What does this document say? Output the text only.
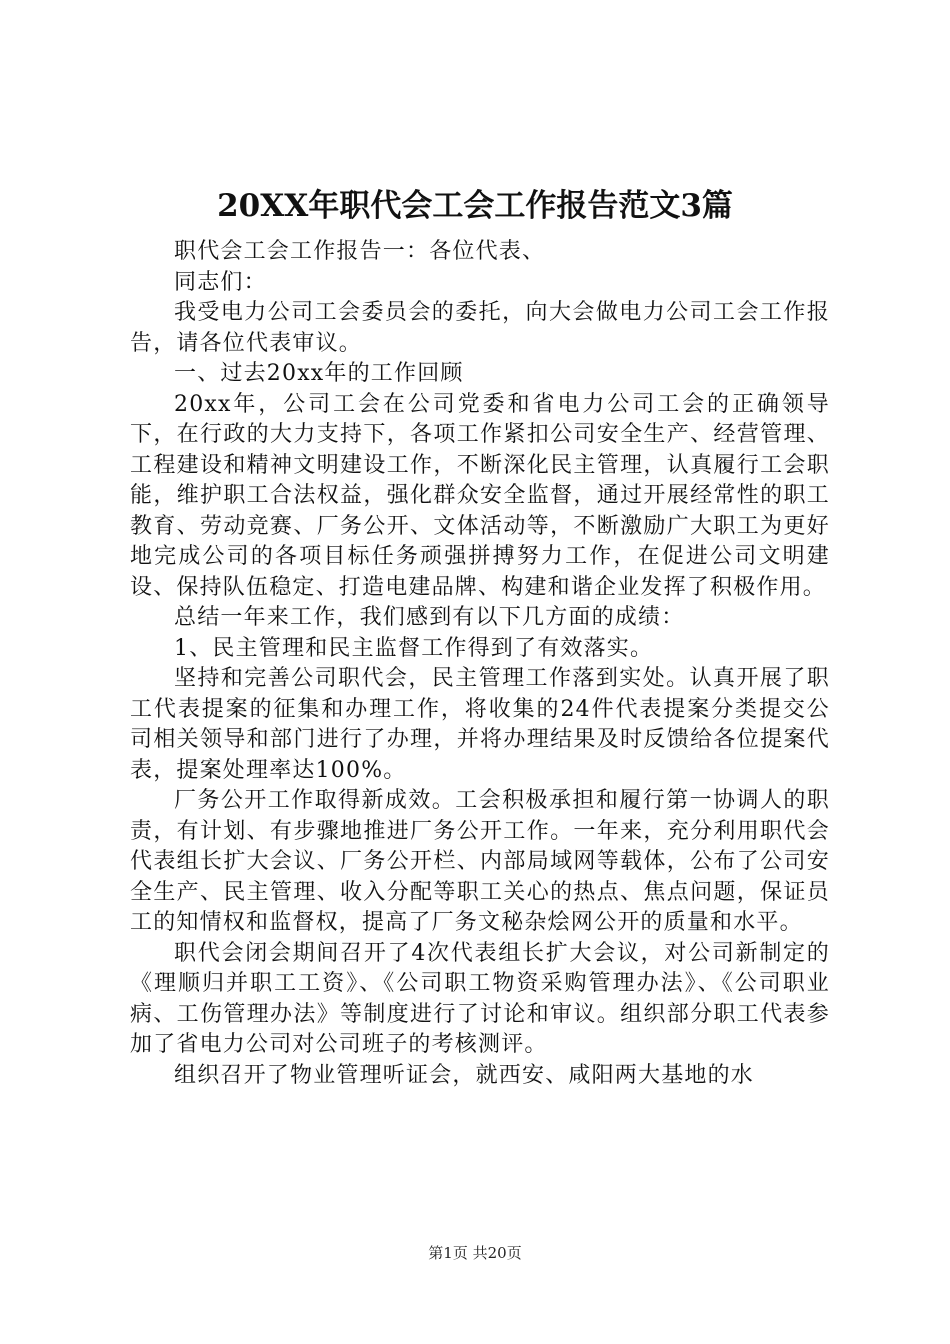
20XX年职代会工会工作报告范文3篇

职代会工会工作报告一：各位代表、

同志们：

我受电力公司工会委员会的委托，向大会做电力公司工会工作报告，请各位代表审议。

一、过去20xx年的工作回顾

20xx年，公司工会在公司党委和省电力公司工会的正确领导下，在行政的大力支持下，各项工作紧扣公司安全生产、经营管理、工程建设和精神文明建设工作，不断深化民主管理，认真履行工会职能，维护职工合法权益，强化群众安全监督，通过开展经常性的职工教育、劳动竞赛、厂务公开、文体活动等，不断激励广大职工为更好地完成公司的各项目标任务顽强拼搏努力工作，在促进公司文明建设、保持队伍稳定、打造电建品牌、构建和谐企业发挥了积极作用。

总结一年来工作，我们感到有以下几方面的成绩：

1、民主管理和民主监督工作得到了有效落实。

坚持和完善公司职代会，民主管理工作落到实处。认真开展了职工代表提案的征集和办理工作，将收集的24件代表提案分类提交公司相关领导和部门进行了办理，并将办理结果及时反馈给各位提案代表，提案处理率达100%。

厂务公开工作取得新成效。工会积极承担和履行第一协调人的职责，有计划、有步骤地推进厂务公开工作。一年来，充分利用职代会代表组长扩大会议、厂务公开栏、内部局域网等载体，公布了公司安全生产、民主管理、收入分配等职工关心的热点、焦点问题，保证员工的知情权和监督权，提高了厂务文秘杂烩网公开的质量和水平。

职代会闭会期间召开了4次代表组长扩大会议，对公司新制定的《理顺归并职工工资》、《公司职工物资采购管理办法》、《公司职业病、工伤管理办法》等制度进行了讨论和审议。组织部分职工代表参加了省电力公司对公司班子的考核测评。

组织召开了物业管理听证会，就西安、咸阳两大基地的水

第1页 共20页
